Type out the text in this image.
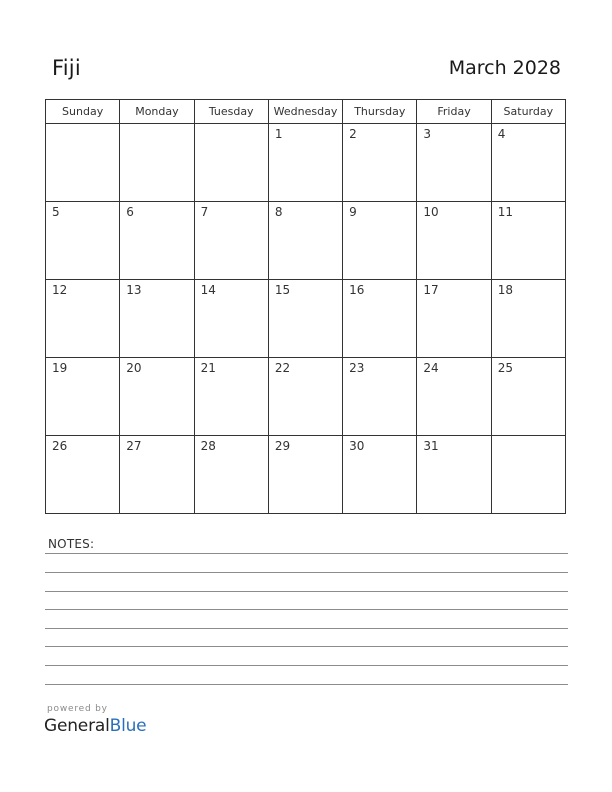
Fiji	March 2028
Sunday	Monday	Tuesday	Wednesday	Thursday	Friday	Saturday

			1	2	3	4

5	6	7	8	9	10	11

12	13	14	15	16	17	18

19	20	21	22	23	24	25

26	27	28	29	30	31	

NOTES:
powered by
GeneralBlue
